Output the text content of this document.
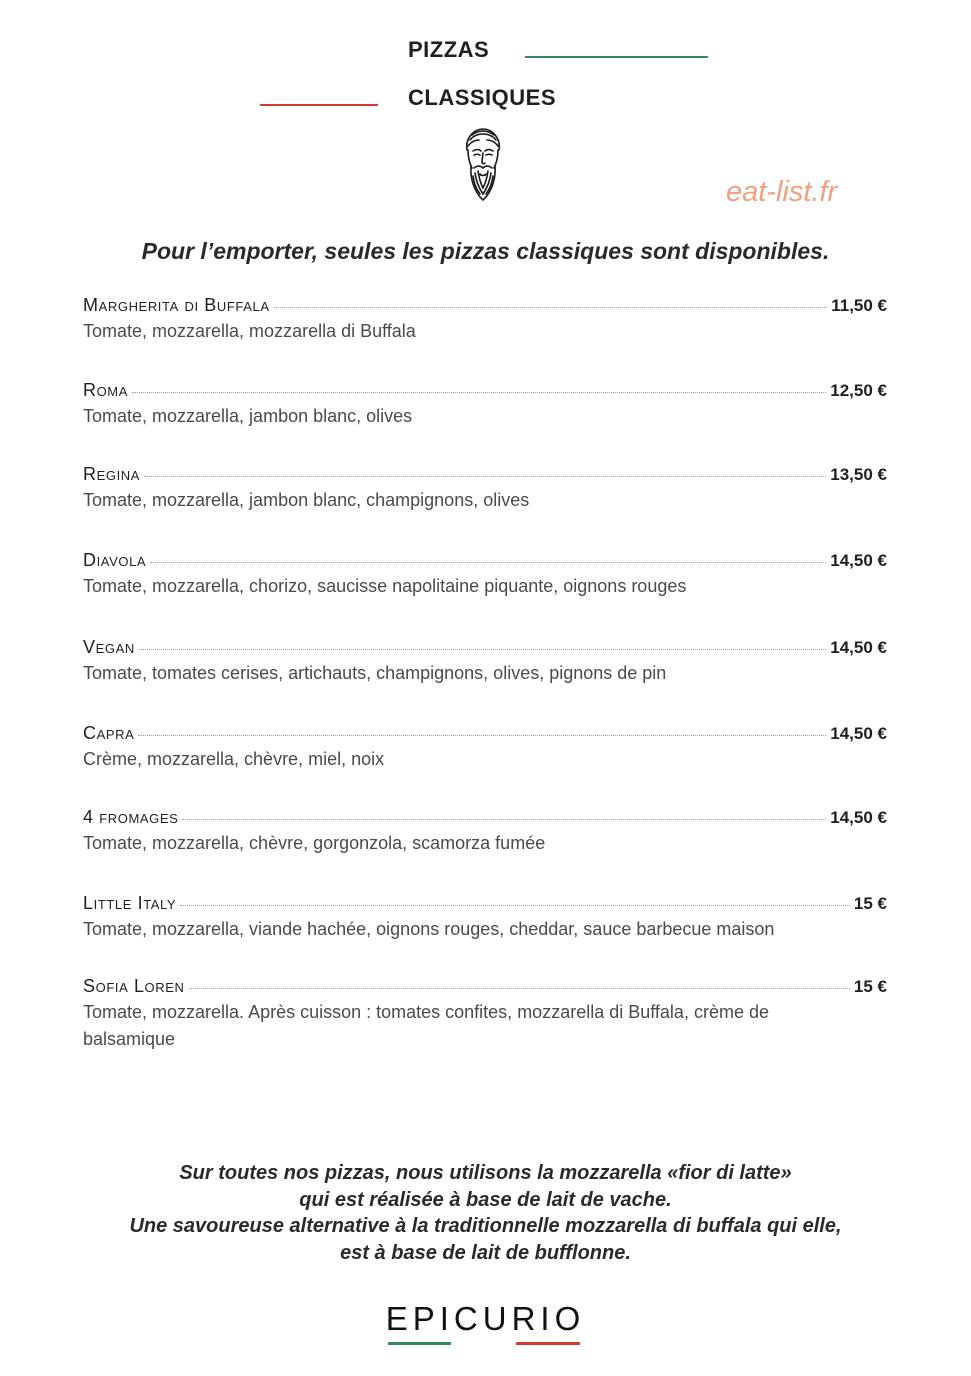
PIZZAS
CLASSIQUES
eat-list.fr
Pour l’emporter, seules les pizzas classiques sont disponibles.
Margherita di Buffala	11,50 €
Tomate, mozzarella, mozzarella di Buffala
Roma	12,50 €
Tomate, mozzarella, jambon blanc, olives
Regina	13,50 €
Tomate, mozzarella, jambon blanc, champignons, olives
Diavola	14,50 €
Tomate, mozzarella, chorizo, saucisse napolitaine piquante, oignons rouges
Vegan	14,50 €
Tomate, tomates cerises, artichauts, champignons, olives, pignons de pin
Capra	14,50 €
Crème, mozzarella, chèvre, miel, noix
4 fromages	14,50 €
Tomate, mozzarella, chèvre, gorgonzola, scamorza fumée
Little Italy	15 €
Tomate, mozzarella, viande hachée, oignons rouges, cheddar, sauce barbecue maison
Sofia Loren	15 €
Tomate, mozzarella. Après cuisson : tomates confites, mozzarella di Buffala, crème de balsamique
Sur toutes nos pizzas, nous utilisons la mozzarella «fior di latte»
qui est réalisée à base de lait de vache.
Une savoureuse alternative à la traditionnelle mozzarella di buffala qui elle,
est à base de lait de bufflonne.
EPICURIO
